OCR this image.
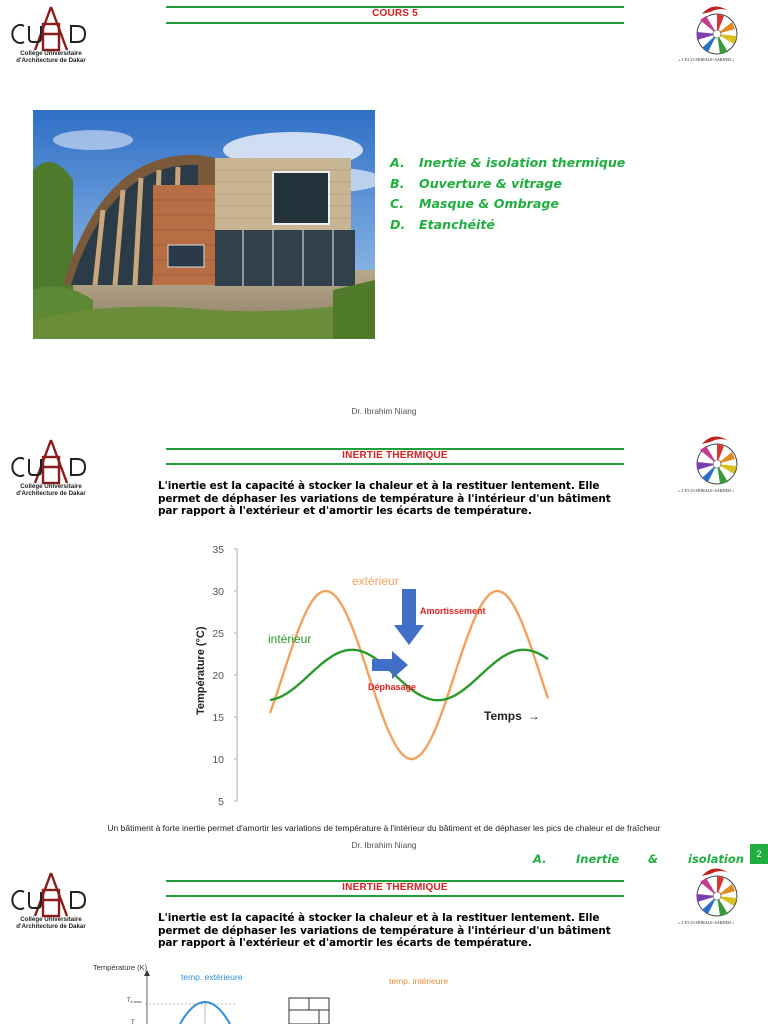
Collège Universitaire
d'Architecture de Dakar
COURS 5
« L'ECO-SPIRALE-AARHIM »
A. Inertie & isolation thermique
B. Ouverture & vitrage
C. Masque & Ombrage
D. Etanchéité
Dr. Ibrahim Niang
Collège Universitaire
d'Architecture de Dakar
INERTIE THERMIQUE
« L'ECO-SPIRALE-AARHIM »
L'inertie est la capacité à stocker la chaleur et à la restituer lentement. Elle permet de déphaser les variations de température à l'intérieur d'un bâtiment par rapport à l'extérieur et d'amortir les écarts de température.
5
10
15
20
25
30
35
Température (°C)
extérieur
intérieur
Amortissement
Déphasage
Temps →
Un bâtiment à forte inertie permet d'amortir les variations de température à l'intérieur du bâtiment et de déphaser les pics de chaleur et de fraîcheur
Dr. Ibrahim Niang
A.	Inertie	&	isolation	2
Collège Universitaire
d'Architecture de Dakar
INERTIE THERMIQUE
« L'ECO-SPIRALE-AARHIM »
L'inertie est la capacité à stocker la chaleur et à la restituer lentement. Elle permet de déphaser les variations de température à l'intérieur d'un bâtiment par rapport à l'extérieur et d'amortir les écarts de température.
Température (K)
temp. extérieure	temp. intérieure
Te,max
T
